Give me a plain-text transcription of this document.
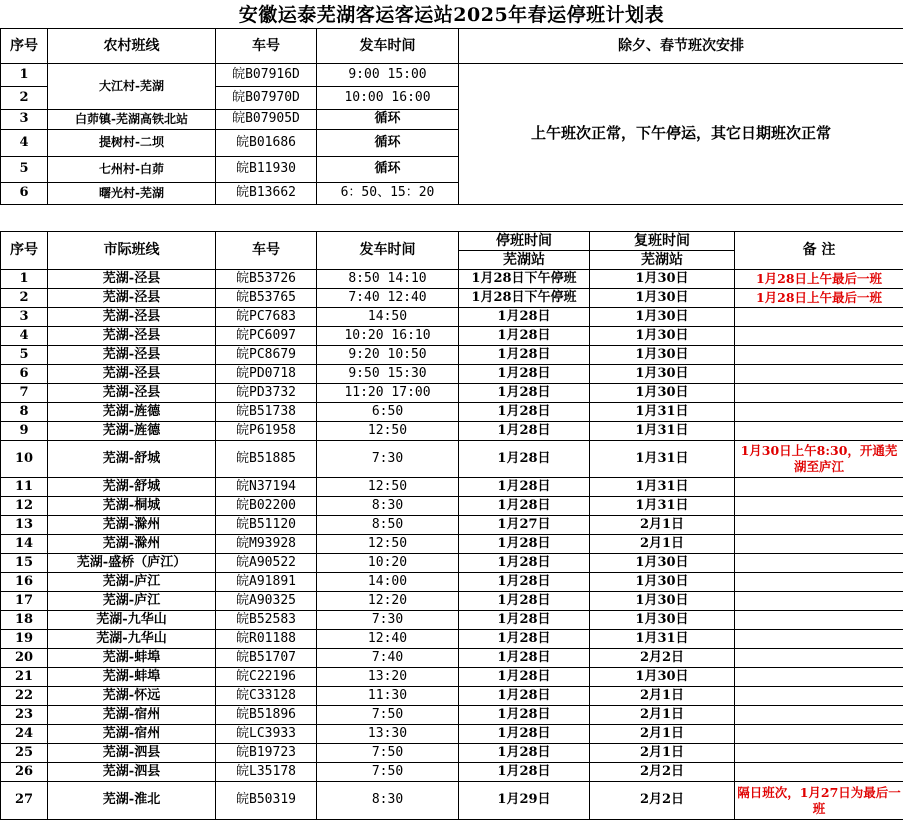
安徽运泰芜湖客运客运站2025年春运停班计划表
序号	农村班线	车号	发车时间	除夕、春节班次安排
1	大江村-芜湖	皖B07916D	9:00 15:00	上午班次正常，下午停运，其它日期班次正常
2		皖B07970D	10:00 16:00	
3	白茆镇-芜湖高铁北站	皖B07905D	循环	
4	提树村-二坝	皖B01686	循环	
5	七州村-白茆	皖B11930	循环	
6	曙光村-芜湖	皖B13662	6：50、15：20	
序号	市际班线	车号	发车时间	停班时间	复班时间	备 注
				芜湖站	芜湖站	
1	芜湖-泾县	皖B53726	8:50 14:10	1月28日下午停班	1月30日	1月28日上午最后一班
2	芜湖-泾县	皖B53765	7:40 12:40	1月28日下午停班	1月30日	1月28日上午最后一班
3	芜湖-泾县	皖PC7683	14:50	1月28日	1月30日	
4	芜湖-泾县	皖PC6097	10:20 16:10	1月28日	1月30日	
5	芜湖-泾县	皖PC8679	9:20 10:50	1月28日	1月30日	
6	芜湖-泾县	皖PD0718	9:50 15:30	1月28日	1月30日	
7	芜湖-泾县	皖PD3732	11:20 17:00	1月28日	1月30日	
8	芜湖-旌德	皖B51738	6:50	1月28日	1月31日	
9	芜湖-旌德	皖P61958	12:50	1月28日	1月31日	
10	芜湖-舒城	皖B51885	7:30	1月28日	1月31日	1月30日上午8:30，开通芜湖至庐江
11	芜湖-舒城	皖N37194	12:50	1月28日	1月31日	
12	芜湖-桐城	皖B02200	8:30	1月28日	1月31日	
13	芜湖-滁州	皖B51120	8:50	1月27日	2月1日	
14	芜湖-滁州	皖M93928	12:50	1月28日	2月1日	
15	芜湖-盛桥（庐江）	皖A90522	10:20	1月28日	1月30日	
16	芜湖-庐江	皖A91891	14:00	1月28日	1月30日	
17	芜湖-庐江	皖A90325	12:20	1月28日	1月30日	
18	芜湖-九华山	皖B52583	7:30	1月28日	1月30日	
19	芜湖-九华山	皖R01188	12:40	1月28日	1月31日	
20	芜湖-蚌埠	皖B51707	7:40	1月28日	2月2日	
21	芜湖-蚌埠	皖C22196	13:20	1月28日	1月30日	
22	芜湖-怀远	皖C33128	11:30	1月28日	2月1日	
23	芜湖-宿州	皖B51896	7:50	1月28日	2月1日	
24	芜湖-宿州	皖LC3933	13:30	1月28日	2月1日	
25	芜湖-泗县	皖B19723	7:50	1月28日	2月1日	
26	芜湖-泗县	皖L35178	7:50	1月28日	2月2日	
27	芜湖-淮北	皖B50319	8:30	1月29日	2月2日	隔日班次，1月27日为最后一班
